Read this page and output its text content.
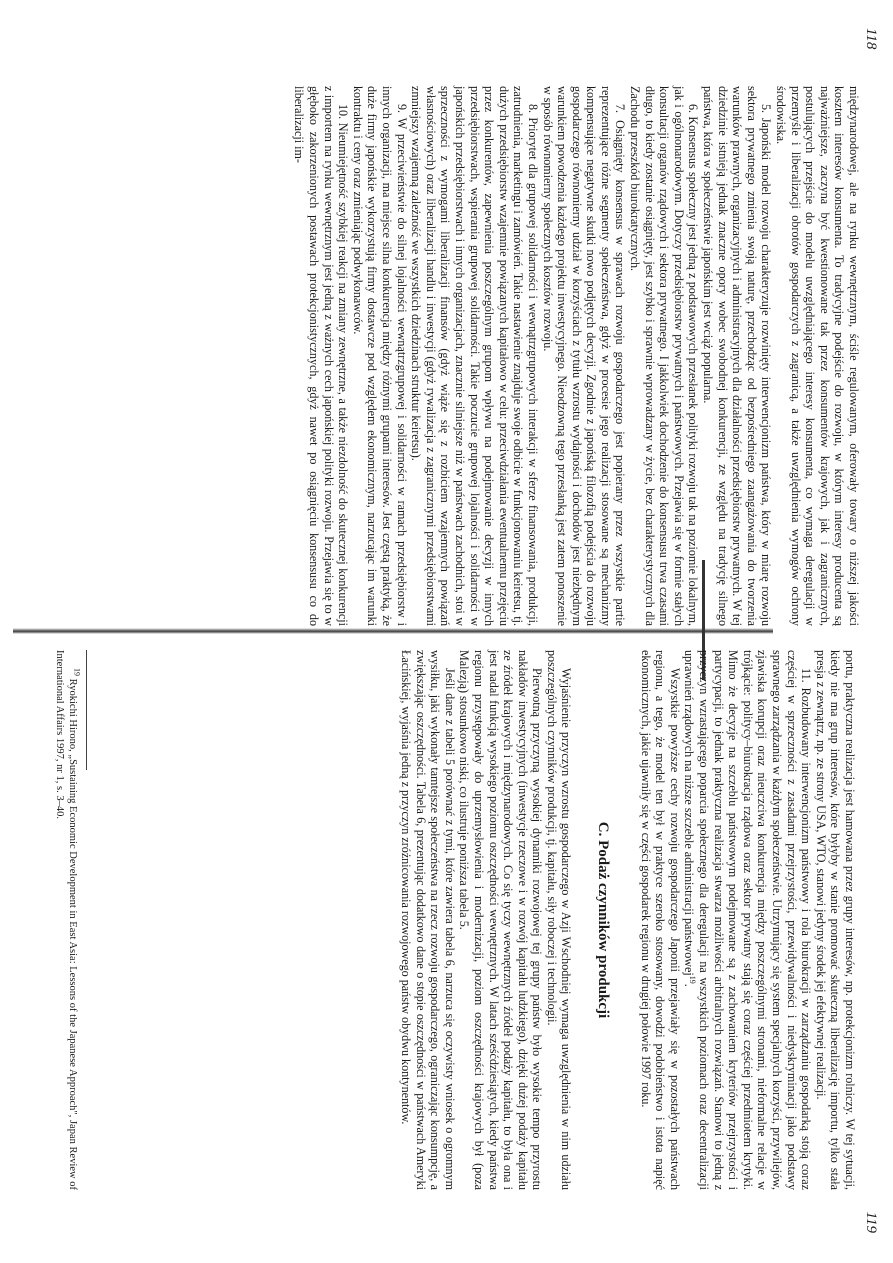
118

międzynarodowej, ale na rynku wewnętrznym, ściśle regulowanym, oferowały towary o niższej jakości kosztem interesów konsumenta. To tradycyjne podejście do rozwoju, w którym interesy producenta są najważniejsze, zaczyna być kwestionowane tak przez konsumentów krajowych, jak i zagranicznych, postulujących przejście do modelu uwzględniającego interesy konsumenta, co wymaga deregulacji w przemyśle i liberalizacji obrotów gospodarczych z zagranicą, a także uwzględnienia wymogów ochrony środowiska.

5. Japoński model rozwoju charakteryzuje rozwinięty interwencjonizm państwa, który w miarę rozwoju sektora prywatnego zmienia swoją naturę, przechodząc od bezpośredniego zaangażowania do tworzenia warunków prawnych, organizacyjnych i administracyjnych dla działalności przedsiębiorstw prywatnych. W tej dziedzinie istnieją jednak znaczne opory wobec swobodnej konkurencji, ze względu na tradycję silnego państwa, która w społeczeństwie japońskim jest wciąż popularna.

6. Konsensus społeczny jest jedną z podstawowych przesłanek polityki rozwoju tak na poziomie lokalnym, jak i ogólnonarodowym. Dotyczy przedsiębiorstw prywatnych i państwowych. Przejawia się w formie stałych konsultacji organów rządowych i sektora prywatnego. I jakkolwiek dochodzenie do konsensusu trwa czasami długo, to kiedy zostanie osiągnięty, jest szybko i sprawnie wprowadzany w życie, bez charakterystycznych dla Zachodu przeszkód biurokratycznych.

7. Osiągnięty konsensus w sprawach rozwoju gospodarczego jest popierany przez wszystkie partie reprezentujące różne segmenty społeczeństwa, gdyż w procesie jego realizacji stosowane są mechanizmy kompensujące negatywne skutki nowo podjętych decyzji. Zgodnie z japońską filozofią podejścia do rozwoju gospodarczego równomierny udział w korzyściach z tytułu wzrostu wydajności i dochodów jest niezbędnym warunkiem powodzenia każdego projektu inwestycyjnego. Nieodzowną tego przesłanką jest zatem ponoszenie w sposób równomierny społecznych kosztów rozwoju.

8. Priorytet dla grupowej solidarności i wewnątrzgrupowych interakcji w sferze finansowania, produkcji, zatrudnienia, marketingu i zamówień. Takie nastawienie znajduje swoje odbicie w funkcjonowaniu keiretsu, tj. dużych przedsiębiorstw wzajemnie powiązanych kapitałowo w celu: przeciwdziałania ewentualnemu przejęciu przez konkurentów, zapewnienia poszczególnym grupom wpływu na podejmowanie decyzji w innych przedsiębiorstwach, wspierania grupowej solidarności. Takie poczucie grupowej lojalności i solidarności w japońskich przedsiębiorstwach i innych organizacjach, znacznie silniejsze niż w państwach zachodnich, stoi w sprzeczności z wymogami liberalizacji finansów (gdyż wiąże się z rozbiciem wzajemnych powiązań własnościowych) oraz liberalizacji handlu i inwestycji (gdyż rywalizacja z zagranicznymi przedsiębiorstwami zmniejszy wzajemną zależność we wszystkich dziedzinach struktur keiretsu).

9. W przeciwieństwie do silnej lojalności wewnątrzgrupowej i solidarności w ramach przedsiębiorstw i innych organizacji, ma miejsce silna konkurencja między różnymi grupami interesów. Jest częstą praktyką, że duże firmy japońskie wykorzystują firmy dostawcze pod względem ekonomicznym, narzucając im warunki kontraktu i ceny oraz zmieniając podwykonawców.

10. Nieumiejętność szybkiej reakcji na zmiany zewnętrzne, a także niezdolność do skutecznej konkurencji z importem na rynku wewnętrznym jest jedną z ważnych cech japońskiej polityki rozwoju. Przejawia się to w głęboko zakorzenionych postawach protekcjonistycznych, gdyż nawet po osiągnięciu konsensusu co do liberalizacji im-

119

portu, praktyczna realizacja jest hamowana przez grupy interesów, np. protekcjonizm rolniczy. W tej sytuacji, kiedy nie ma grup interesów, które byłyby w stanie promować skuteczną liberalizację importu, tylko stała presja z zewnątrz, np. ze strony USA, WTO, stanowi jedyny środek jej efektywnej realizacji.

11. Rozbudowany interwencjonizm państwowy i rola biurokracji w zarządzaniu gospodarką stoją coraz częściej w sprzeczności z zasadami przejrzystości, przewidywalności i niedyskryminacji jako podstawy sprawnego zarządzania w każdym społeczeństwie. Utrzymujący się system specjalnych korzyści, przywilejów, zjawiska korupcji oraz nieuczciwa konkurencja między poszczególnymi stronami, nieformalne relacje w trójkącie: politycy–biurokracja rządowa oraz sektor prywatny stają się coraz częściej przedmiotem krytyki. Mimo że decyzje na szczeblu państwowym podejmowane są z zachowaniem kryteriów przejrzystości i partycypacji, to jednak praktyczna realizacja stwarza możliwości arbitralnych rozwiązań. Stanowi to jedną z przyczyn wzrastającego poparcia społecznego dla deregulacji na wszystkich poziomach oraz decentralizacji uprawnień rządowych na niższe szczeble administracji państwowej$^{19}$.

Wszystkie powyższe cechy rozwoju gospodarczego Japonii przejawiały się w pozostałych państwach regionu, a tego, że model ten był w praktyce szeroko stosowany, dowodzi podobieństwo i istota napięć ekonomicznych, jakie ujawniły się w części gospodarek regionu w drugiej połowie 1997 roku.

C. Podaż czynników produkcji

Wyjaśnienie przyczyn wzrostu gospodarczego w Azji Wschodniej wymaga uwzględnienia w nim udziału poszczególnych czynników produkcji, tj. kapitału, siły roboczej i technologii.

Pierwotną przyczyną wysokiej dynamiki rozwojowej tej grupy państw było wysokie tempo przyrostu nakładów inwestycyjnych (inwestycje rzeczowe i w rozwój kapitału ludzkiego), dzięki dużej podaży kapitału ze źródeł krajowych i międzynarodowych. Co się tyczy wewnętrznych źródeł podaży kapitału, to była ona i jest nadal funkcją wysokiego poziomu oszczędności wewnętrznych. W latach sześćdziesiątych, kiedy państwa regionu przystępowały do uprzemysłowienia i modernizacji, poziom oszczędności krajowych był (poza Malezją) stosunkowo niski, co ilustruje poniższa tabela 5.

Jeśli dane z tabeli 5 porównać z tymi, które zawiera tabela 6, narzuca się oczywisty wniosek o ogromnym wysiłku, jaki wykonały tamtejsze społeczeństwa na rzecz rozwoju gospodarczego, ograniczając konsumpcję, a zwiększając oszczędności. Tabela 6, prezentując dodatkowo dane o stopie oszczędności w państwach Ameryki Łacińskiej, wyjaśnia jedną z przyczyn zróżnicowania rozwojowego państw obydwu kontynentów.

$^{19}$ Ryokichi Hirono, „Sustaining Economic Development in East Asia: Lessons of the Japanese Approach", Japan Review of International Affairs 1997, nr 1, s. 3–40.
